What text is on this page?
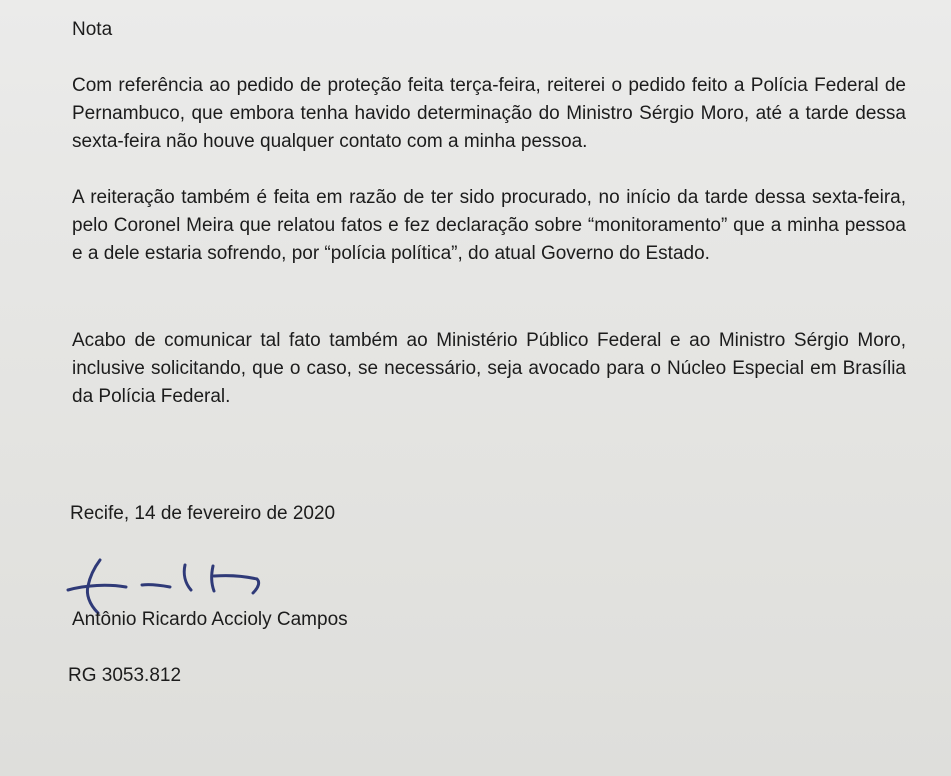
Nota

Com referência ao pedido de proteção feita terça-feira, reiterei o pedido feito a Polícia Federal de Pernambuco, que embora tenha havido determinação do Ministro Sérgio Moro, até a tarde dessa sexta-feira não houve qualquer contato com a minha pessoa.

A reiteração também é feita em razão de ter sido procurado, no início da tarde dessa sexta-feira, pelo Coronel Meira que relatou fatos e fez declaração sobre “monitoramento” que a minha pessoa e a dele estaria sofrendo, por “polícia política”, do atual Governo do Estado.

Acabo de comunicar tal fato também ao Ministério Público Federal e ao Ministro Sérgio Moro, inclusive solicitando, que o caso, se necessário, seja avocado para o Núcleo Especial em Brasília da Polícia Federal.

Recife, 14 de fevereiro de 2020

Antônio Ricardo Accioly Campos

RG 3053.812
